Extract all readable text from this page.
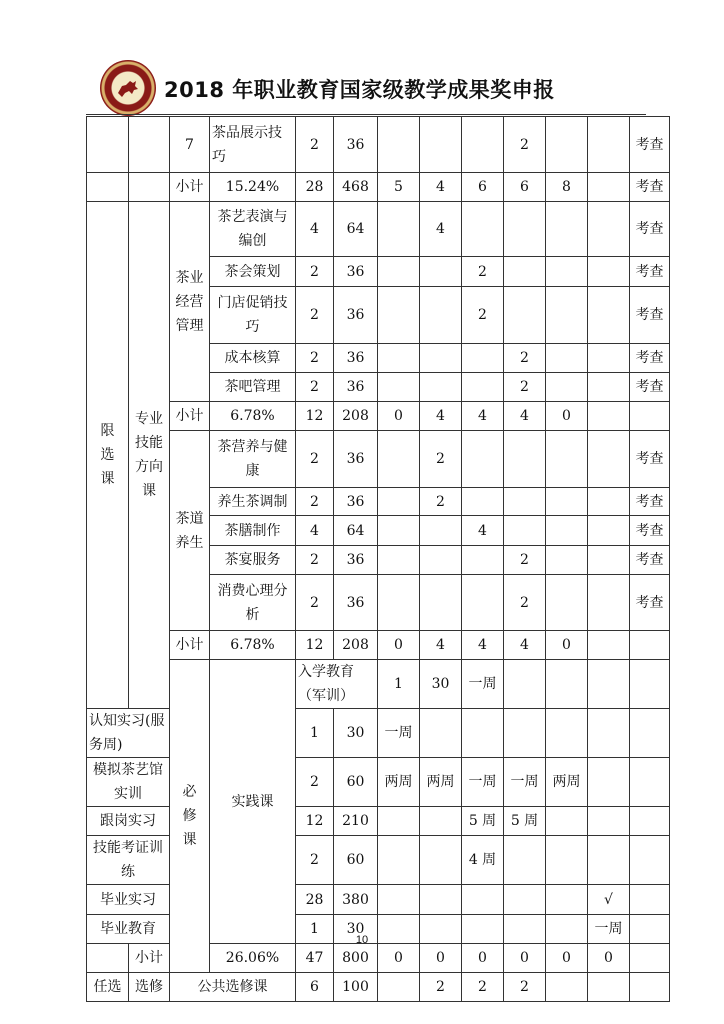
2018 年职业教育国家级教学成果奖申报
		7	茶品展示技巧	2	36				2			考查	
		小计	15.24%	28	468	5	4	6	6	8		考查	
限选课	专业技能方向课	茶业经营管理	茶艺表演与编创	4	64		4					考查	
			茶会策划	2	36			2				考查	
			门店促销技巧	2	36			2				考查	
			成本核算	2	36				2			考查	
			茶吧管理	2	36				2			考查	
		小计	6.78%	12	208	0	4	4	4	0			
		茶道养生	茶营养与健康	2	36		2					考查	
			养生茶调制	2	36		2					考查	
			茶膳制作	4	64			4				考查	
			茶宴服务	2	36				2			考查	
			消费心理分析	2	36				2			考查	
		小计	6.78%	12	208	0	4	4	4	0			
		必修课	实践课	入学教育（军训）		1	30	一周						
认知实习(服务周)				1	30	一周							
模拟茶艺馆实训				2	60	两周	两周	一周	一周	两周			
跟岗实习				12	210			5 周	5 周				
技能考证训练				2	60			4 周					
毕业实习				28	380						√		
毕业教育				1	30						一周		
	小计		26.06%	47	800	0	0	0	0	0	0		
任选	选修	公共选修课		6	100		2	2	2				
10
